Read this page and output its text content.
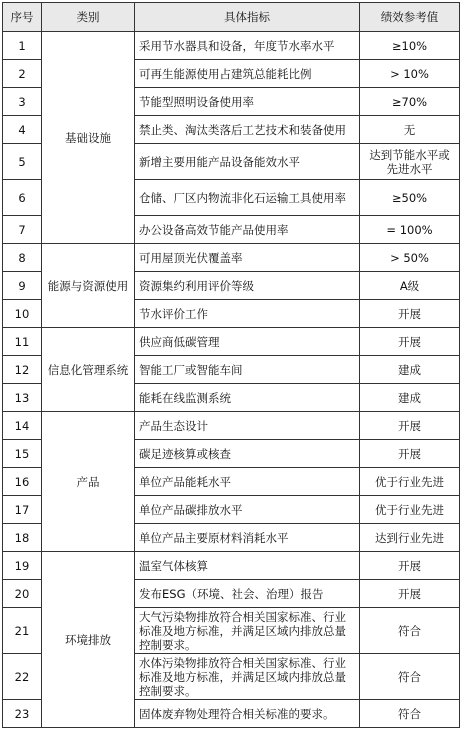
序号	类别	具体指标	绩效参考值
1	基础设施	采用节水器具和设备，年度节水率水平	≥10%
2		可再生能源使用占建筑总能耗比例	> 10%
3		节能型照明设备使用率	≥70%
4		禁止类、淘汰类落后工艺技术和装备使用	无
5		新增主要用能产品设备能效水平	达到节能水平或先进水平
6		仓储、厂区内物流非化石运输工具使用率	≥50%
7		办公设备高效节能产品使用率	= 100%
8	能源与资源使用	可用屋顶光伏覆盖率	> 50%
9		资源集约利用评价等级	A级
10		节水评价工作	开展
11	信息化管理系统	供应商低碳管理	开展
12		智能工厂或智能车间	建成
13		能耗在线监测系统	建成
14	产品	产品生态设计	开展
15		碳足迹核算或核查	开展
16		单位产品能耗水平	优于行业先进
17		单位产品碳排放水平	优于行业先进
18		单位产品主要原材料消耗水平	达到行业先进
19	环境排放	温室气体核算	开展
20		发布ESG（环境、社会、治理）报告	开展
21		大气污染物排放符合相关国家标准、行业标准及地方标准，并满足区域内排放总量控制要求。	符合
22		水体污染物排放符合相关国家标准、行业标准及地方标准，并满足区域内排放总量控制要求。	符合
23		固体废弃物处理符合相关标准的要求。	符合
